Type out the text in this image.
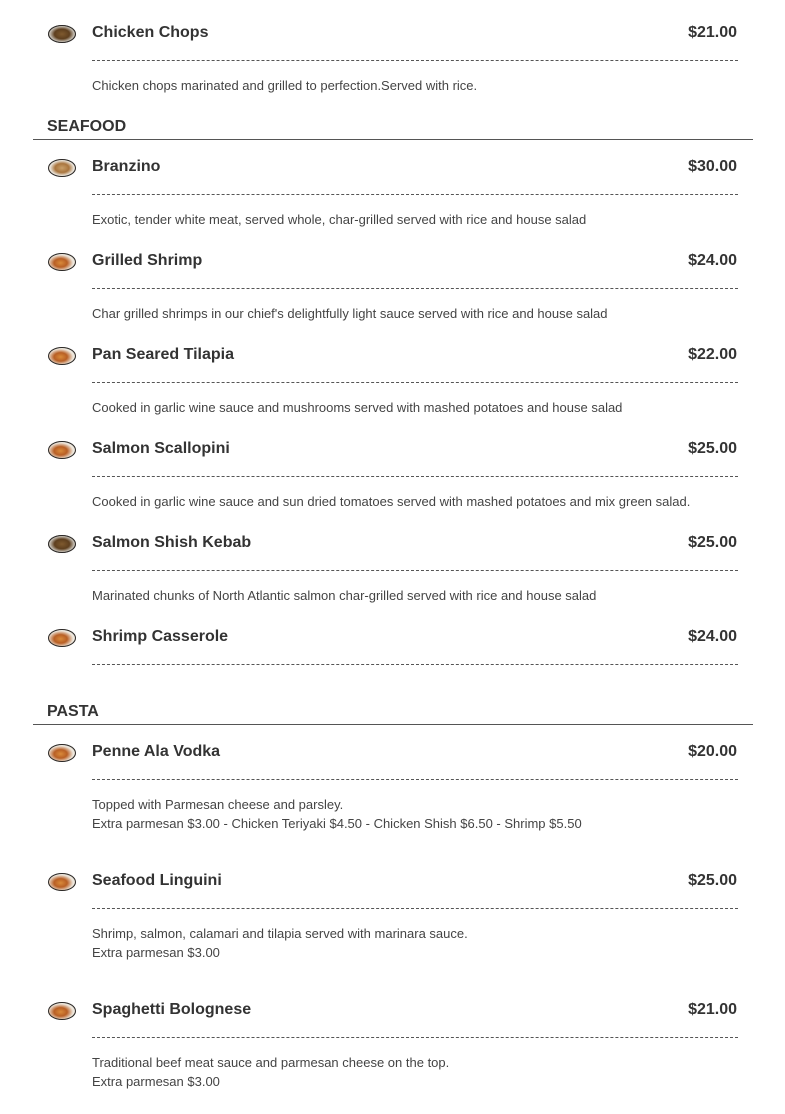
Chicken Chops	$21.00
Chicken chops marinated and grilled to perfection.Served with rice.
SEAFOOD
Branzino	$30.00
Exotic, tender white meat, served whole, char-grilled served with rice and house salad
Grilled Shrimp	$24.00
Char grilled shrimps in our chief's delightfully light sauce served with rice and house salad
Pan Seared Tilapia	$22.00
Cooked in garlic wine sauce and mushrooms served with mashed potatoes and house salad
Salmon Scallopini	$25.00
Cooked in garlic wine sauce and sun dried tomatoes served with mashed potatoes and mix green salad.
Salmon Shish Kebab	$25.00
Marinated chunks of North Atlantic salmon char-grilled served with rice and house salad
Shrimp Casserole	$24.00
PASTA
Penne Ala Vodka	$20.00
Topped with Parmesan cheese and parsley.
Extra parmesan $3.00 - Chicken Teriyaki $4.50 - Chicken Shish $6.50 - Shrimp $5.50
Seafood Linguini	$25.00
Shrimp, salmon, calamari and tilapia served with marinara sauce.
Extra parmesan $3.00
Spaghetti Bolognese	$21.00
Traditional beef meat sauce and parmesan cheese on the top.
Extra parmesan $3.00
